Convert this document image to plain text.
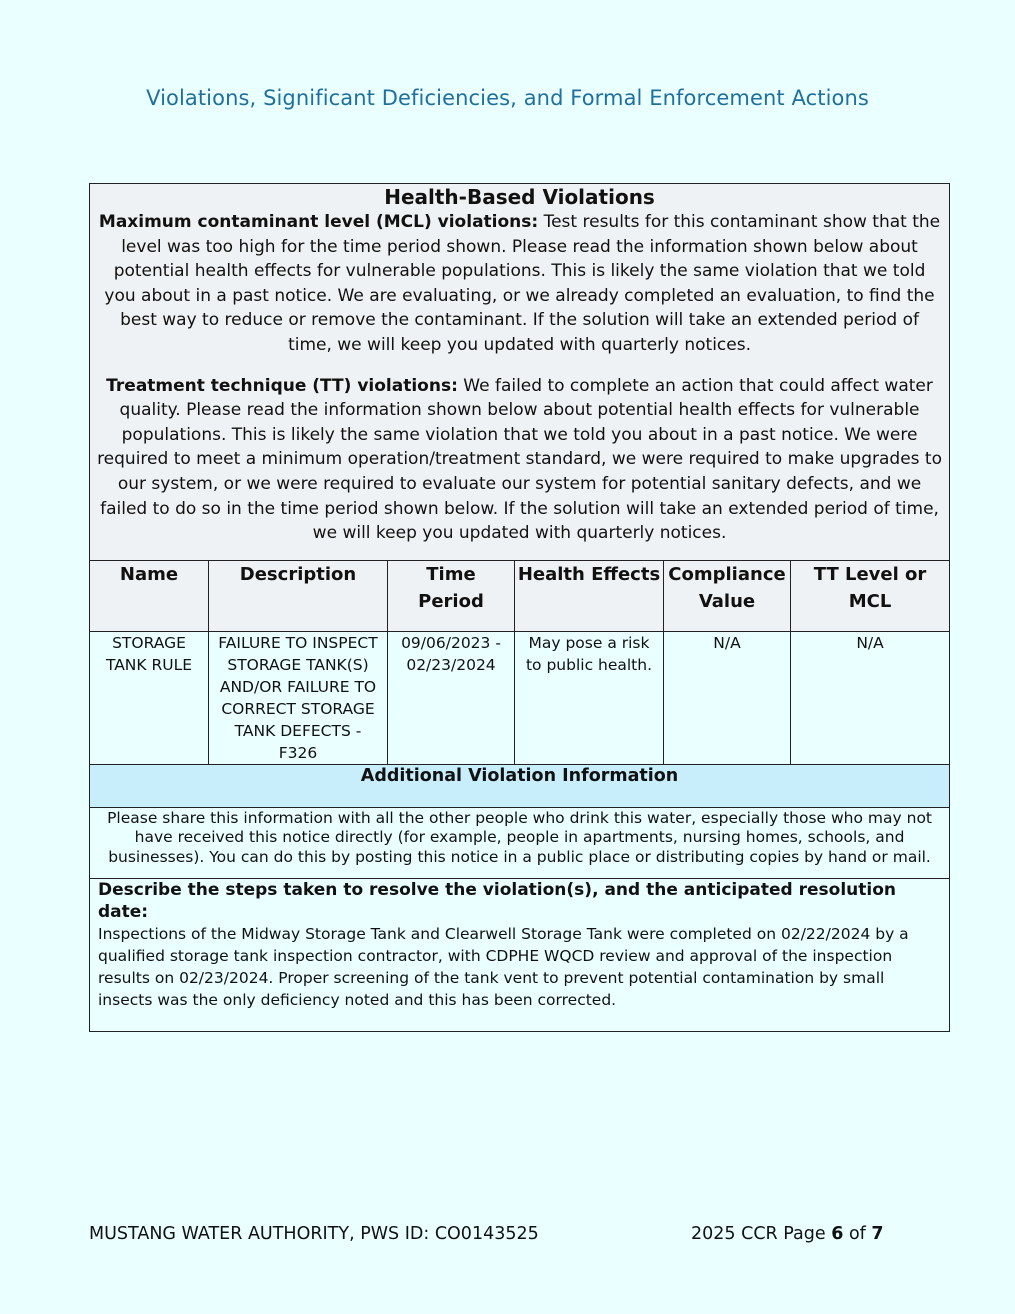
Violations, Significant Deficiencies, and Formal Enforcement Actions
Health-Based Violations

Maximum contaminant level (MCL) violations: Test results for this contaminant show that the level was too high for the time period shown. Please read the information shown below about potential health effects for vulnerable populations. This is likely the same violation that we told you about in a past notice. We are evaluating, or we already completed an evaluation, to find the best way to reduce or remove the contaminant. If the solution will take an extended period of time, we will keep you updated with quarterly notices.

Treatment technique (TT) violations: We failed to complete an action that could affect water quality. Please read the information shown below about potential health effects for vulnerable populations. This is likely the same violation that we told you about in a past notice. We were required to meet a minimum operation/treatment standard, we were required to make upgrades to our system, or we were required to evaluate our system for potential sanitary defects, and we failed to do so in the time period shown below. If the solution will take an extended period of time, we will keep you updated with quarterly notices.					

Name	Description	Time Period	Health Effects	Compliance Value	TT Level or MCL
STORAGE TANK RULE	FAILURE TO INSPECT STORAGE TANK(S) AND/OR FAILURE TO CORRECT STORAGE TANK DEFECTS - F326	09/06/2023 - 02/23/2024	May pose a risk to public health.	N/A	N/A
Additional Violation Information					
Please share this information with all the other people who drink this water, especially those who may not have received this notice directly (for example, people in apartments, nursing homes, schools, and businesses). You can do this by posting this notice in a public place or distributing copies by hand or mail.					

Describe the steps taken to resolve the violation(s), and the anticipated resolution date:
Inspections of the Midway Storage Tank and Clearwell Storage Tank were completed on 02/22/2024 by a qualified storage tank inspection contractor, with CDPHE WQCD review and approval of the inspection results on 02/23/2024. Proper screening of the tank vent to prevent potential contamination by small insects was the only deficiency noted and this has been corrected.					
MUSTANG WATER AUTHORITY, PWS ID: CO0143525	2025 CCR Page 6 of 7
